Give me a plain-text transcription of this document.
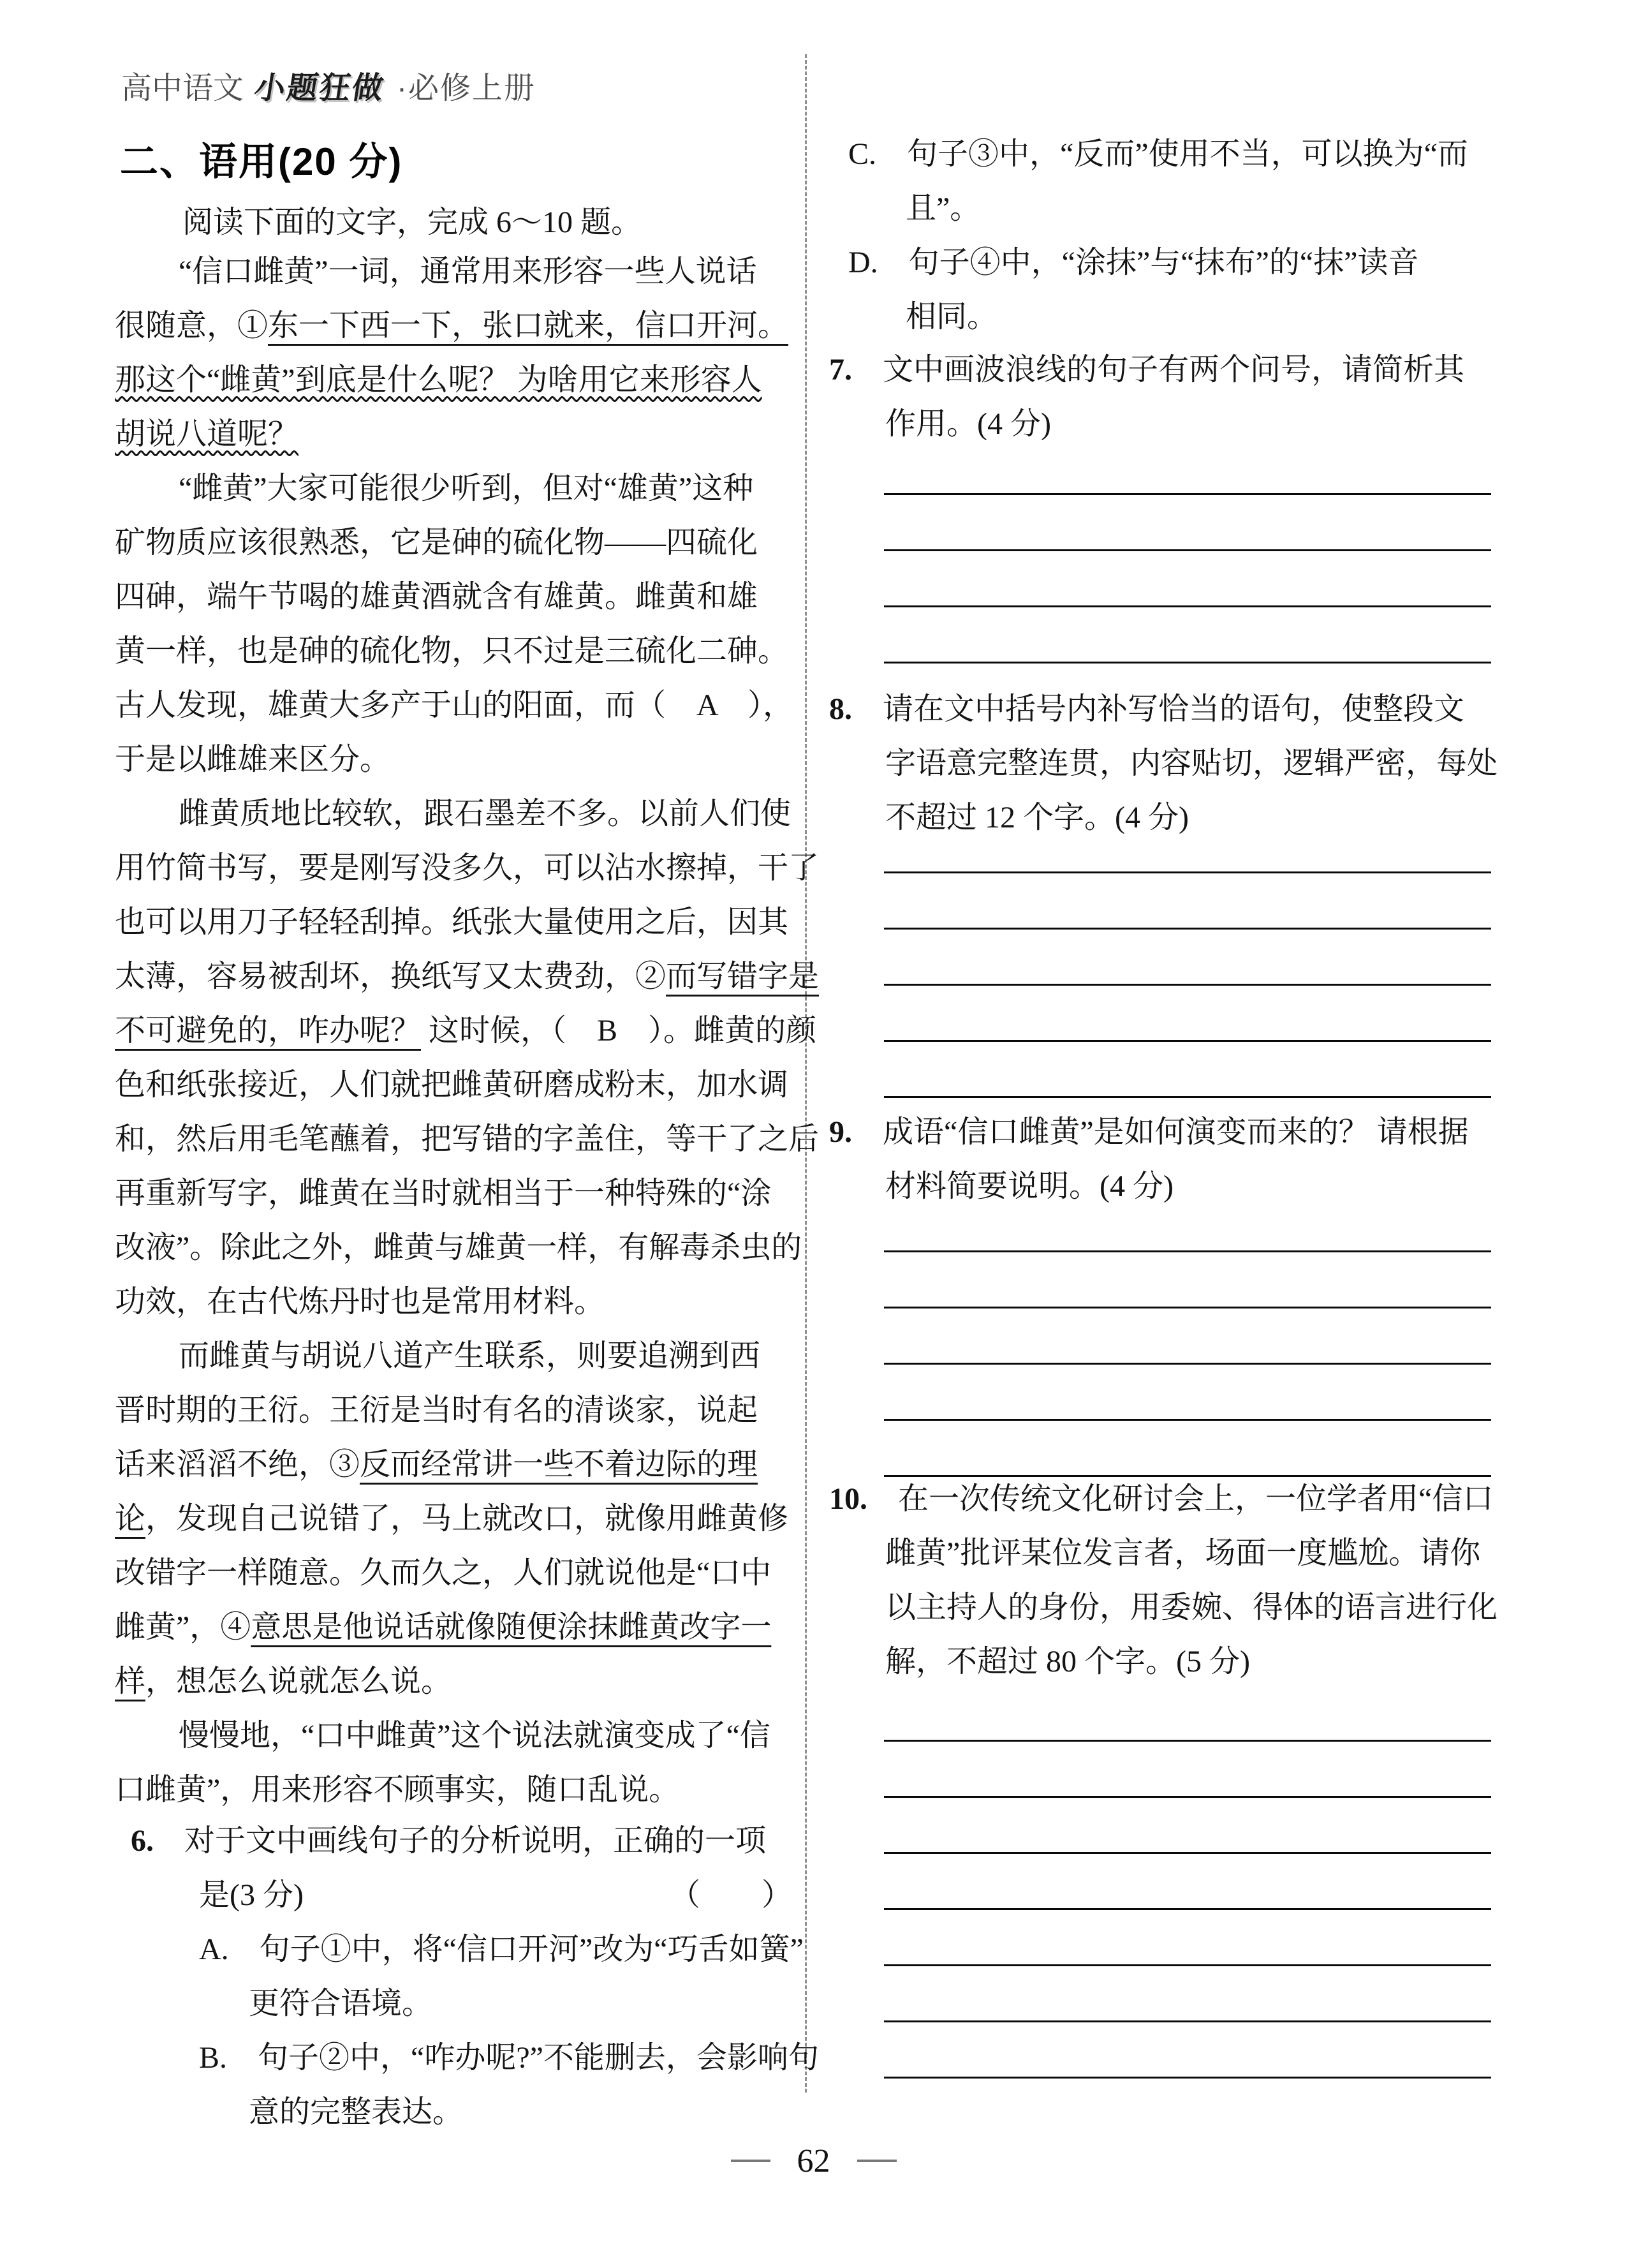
高中语文 小题狂做 ·必修上册
二、语用(20 分)
阅读下面的文字，完成 6～10 题。
“信口雌黄”一词，通常用来形容一些人说话
很随意，①东一下西一下，张口就来，信口开河。
那这个“雌黄”到底是什么呢？ 为啥用它来形容人
胡说八道呢？
“雌黄”大家可能很少听到，但对“雄黄”这种
矿物质应该很熟悉，它是砷的硫化物——四硫化
四砷，端午节喝的雄黄酒就含有雄黄。雌黄和雄
黄一样，也是砷的硫化物，只不过是三硫化二砷。
古人发现，雄黄大多产于山的阳面，而（　A　），
于是以雌雄来区分。
雌黄质地比较软，跟石墨差不多。以前人们使
用竹简书写，要是刚写没多久，可以沾水擦掉，干了
也可以用刀子轻轻刮掉。纸张大量使用之后，因其
太薄，容易被刮坏，换纸写又太费劲，②而写错字是
不可避免的，咋办呢？ 这时候，（　B　）。雌黄的颜
色和纸张接近，人们就把雌黄研磨成粉末，加水调
和，然后用毛笔蘸着，把写错的字盖住，等干了之后
再重新写字，雌黄在当时就相当于一种特殊的“涂
改液”。除此之外，雌黄与雄黄一样，有解毒杀虫的
功效，在古代炼丹时也是常用材料。
而雌黄与胡说八道产生联系，则要追溯到西
晋时期的王衍。王衍是当时有名的清谈家，说起
话来滔滔不绝，③反而经常讲一些不着边际的理
论，发现自己说错了，马上就改口，就像用雌黄修
改错字一样随意。久而久之，人们就说他是“口中
雌黄”，④意思是他说话就像随便涂抹雌黄改字一
样，想怎么说就怎么说。
慢慢地，“口中雌黄”这个说法就演变成了“信
口雌黄”，用来形容不顾事实，随口乱说。
6.　对于文中画线句子的分析说明，正确的一项
是(3 分)	（　　）
A.　句子①中，将“信口开河”改为“巧舌如簧”
更符合语境。
B.　句子②中，“咋办呢?”不能删去，会影响句
意的完整表达。
C.　句子③中，“反而”使用不当，可以换为“而
且”。
D.　句子④中，“涂抹”与“抹布”的“抹”读音
相同。
7.　文中画波浪线的句子有两个问号，请简析其
作用。(4 分)
8.　请在文中括号内补写恰当的语句，使整段文
字语意完整连贯，内容贴切，逻辑严密，每处
不超过 12 个字。(4 分)
9.　成语“信口雌黄”是如何演变而来的？ 请根据
材料简要说明。(4 分)
10.　在一次传统文化研讨会上，一位学者用“信口
雌黄”批评某位发言者，场面一度尴尬。请你
以主持人的身份，用委婉、得体的语言进行化
解，不超过 80 个字。(5 分)
62
